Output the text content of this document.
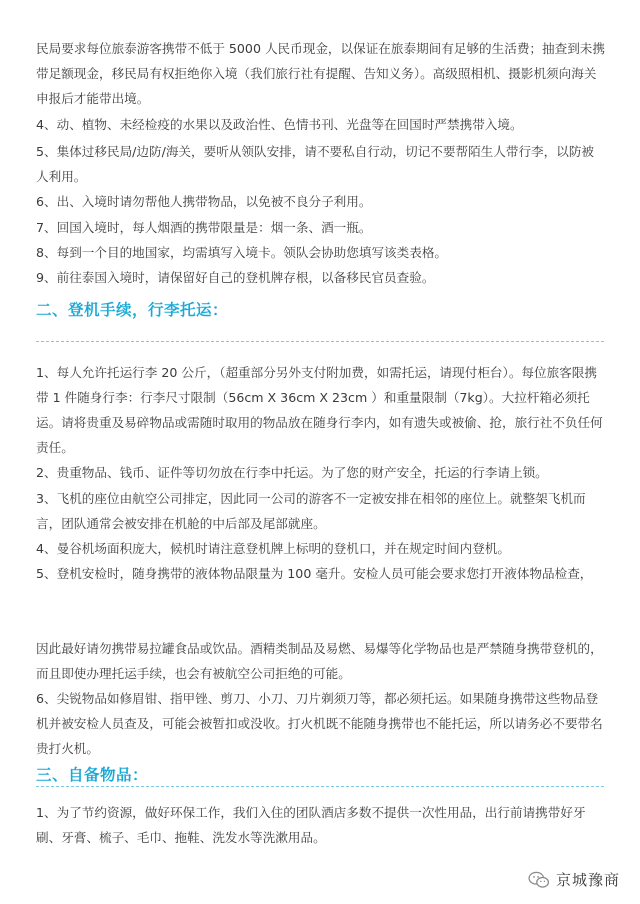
民局要求每位旅泰游客携带不低于 5000 人民币现金，以保证在旅泰期间有足够的生活费；抽查到未携带足额现金，移民局有权拒绝你入境（我们旅行社有提醒、告知义务）。高级照相机、摄影机须向海关申报后才能带出境。

4、动、植物、未经检疫的水果以及政治性、色情书刊、光盘等在回国时严禁携带入境。

5、集体过移民局/边防/海关，要听从领队安排，请不要私自行动，切记不要帮陌生人带行李，以防被人利用。

6、出、入境时请勿帮他人携带物品，以免被不良分子利用。

7、回国入境时，每人烟酒的携带限量是：烟一条、酒一瓶。

8、每到一个目的地国家，均需填写入境卡。领队会协助您填写该类表格。

9、前往泰国入境时，请保留好自己的登机牌存根，以备移民官员查验。

二、登机手续，行李托运：

1、每人允许托运行李 20 公斤，（超重部分另外支付附加费，如需托运，请现付柜台）。每位旅客限携带 1 件随身行李：行李尺寸限制（56cm X 36cm X 23cm ）和重量限制（7kg）。大拉杆箱必须托运。请将贵重及易碎物品或需随时取用的物品放在随身行李内，如有遗失或被偷、抢，旅行社不负任何责任。

2、贵重物品、钱币、证件等切勿放在行李中托运。为了您的财产安全，托运的行李请上锁。

3、飞机的座位由航空公司排定，因此同一公司的游客不一定被安排在相邻的座位上。就整架飞机而言，团队通常会被安排在机舱的中后部及尾部就座。

4、曼谷机场面积庞大，候机时请注意登机牌上标明的登机口，并在规定时间内登机。

5、登机安检时，随身携带的液体物品限量为 100 毫升。安检人员可能会要求您打开液体物品检查，

因此最好请勿携带易拉罐食品或饮品。酒精类制品及易燃、易爆等化学物品也是严禁随身携带登机的，而且即使办理托运手续，也会有被航空公司拒绝的可能。

6、尖锐物品如修眉钳、指甲锉、剪刀、小刀、刀片剃须刀等，都必须托运。如果随身携带这些物品登机并被安检人员查及，可能会被暂扣或没收。打火机既不能随身携带也不能托运，所以请务必不要带名贵打火机。

三、自备物品：

1、为了节约资源，做好环保工作，我们入住的团队酒店多数不提供一次性用品，出行前请携带好牙刷、牙膏、梳子、毛巾、拖鞋、洗发水等洗漱用品。

京城豫商
